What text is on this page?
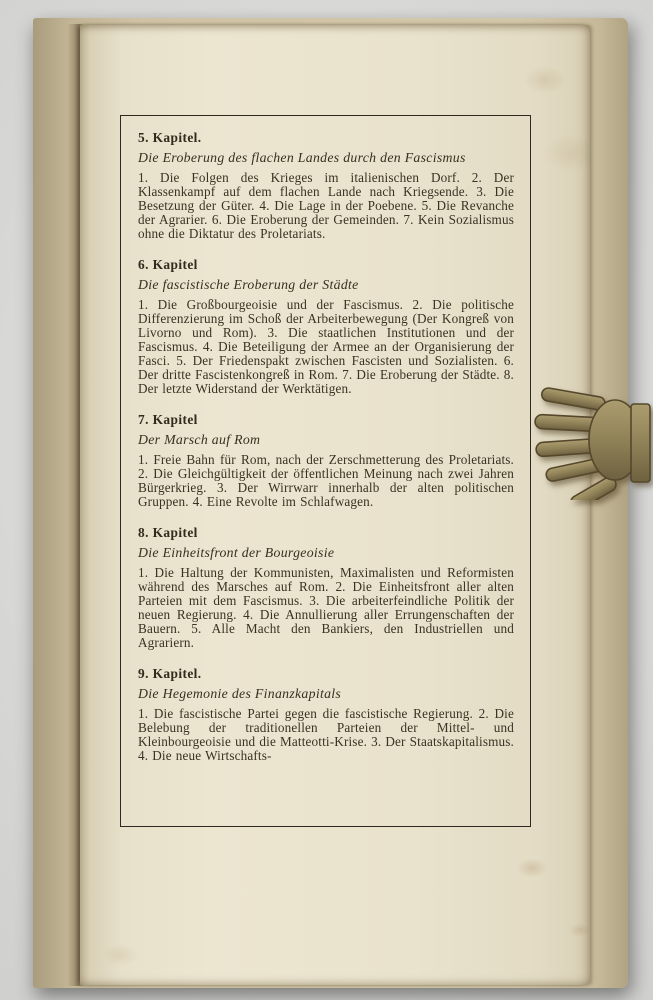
5. Kapitel.

Die Eroberung des flachen Landes durch den Fascismus

1. Die Folgen des Krieges im italienischen Dorf. 2. Der Klassenkampf auf dem flachen Lande nach Kriegsende. 3. Die Besetzung der Güter. 4. Die Lage in der Poebene. 5. Die Revanche der Agrarier. 6. Die Eroberung der Gemeinden. 7. Kein Sozialismus ohne die Diktatur des Proletariats.

6. Kapitel

Die fascistische Eroberung der Städte

1. Die Großbourgeoisie und der Fascismus. 2. Die politische Differenzierung im Schoß der Arbeiterbewegung (Der Kongreß von Livorno und Rom). 3. Die staatlichen Institutionen und der Fascismus. 4. Die Beteiligung der Armee an der Organisierung der Fasci. 5. Der Friedenspakt zwischen Fascisten und Sozialisten. 6. Der dritte Fascistenkongreß in Rom. 7. Die Eroberung der Städte. 8. Der letzte Widerstand der Werktätigen.

7. Kapitel

Der Marsch auf Rom

1. Freie Bahn für Rom, nach der Zerschmetterung des Proletariats. 2. Die Gleichgültigkeit der öffentlichen Meinung nach zwei Jahren Bürgerkrieg. 3. Der Wirrwarr innerhalb der alten politischen Gruppen. 4. Eine Revolte im Schlafwagen.

8. Kapitel

Die Einheitsfront der Bourgeoisie

1. Die Haltung der Kommunisten, Maximalisten und Reformisten während des Marsches auf Rom. 2. Die Einheitsfront aller alten Parteien mit dem Fascismus. 3. Die arbeiterfeindliche Politik der neuen Regierung. 4. Die Annullierung aller Errungenschaften der Bauern. 5. Alle Macht den Bankiers, den Industriellen und Agrariern.

9. Kapitel.

Die Hegemonie des Finanzkapitals

1. Die fascistische Partei gegen die fascistische Regierung. 2. Die Belebung der traditionellen Parteien der Mittel- und Kleinbourgeoisie und die Matteotti-Krise. 3. Der Staatskapitalismus. 4. Die neue Wirtschafts-
